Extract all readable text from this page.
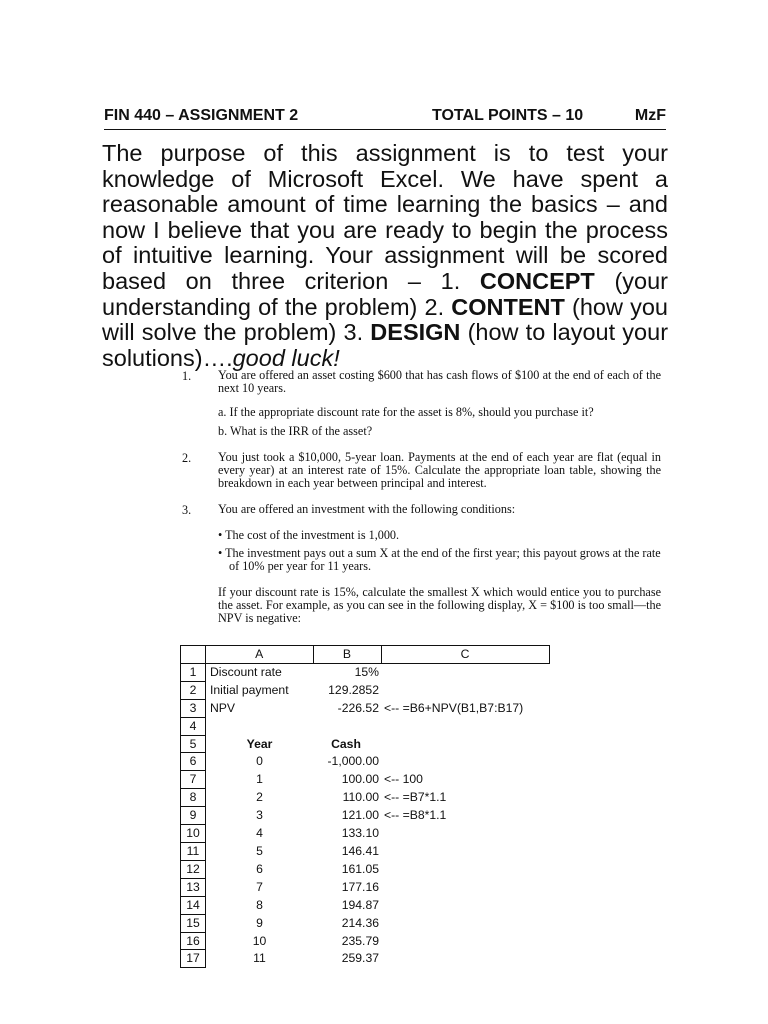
FIN 440 – ASSIGNMENT 2	TOTAL POINTS – 10	MzF
The purpose of this assignment is to test your knowledge of Microsoft Excel. We have spent a reasonable amount of time learning the basics – and now I believe that you are ready to begin the process of intuitive learning. Your assignment will be scored based on three criterion – 1. CONCEPT (your understanding of the problem) 2. CONTENT (how you will solve the problem) 3. DESIGN (how to layout your solutions)….good luck!
1. You are offered an asset costing $600 that has cash flows of $100 at the end of each of the next 10 years.
a. If the appropriate discount rate for the asset is 8%, should you purchase it?
b. What is the IRR of the asset?
2. You just took a $10,000, 5-year loan. Payments at the end of each year are flat (equal in every year) at an interest rate of 15%. Calculate the appropriate loan table, showing the breakdown in each year between principal and interest.
3. You are offered an investment with the following conditions:
• The cost of the investment is 1,000.
• The investment pays out a sum X at the end of the first year; this payout grows at the rate of 10% per year for 11 years.
If your discount rate is 15%, calculate the smallest X which would entice you to purchase the asset. For example, as you can see in the following display, X = $100 is too small—the NPV is negative:
	A	B	C
1	Discount rate	15%	
2	Initial payment	129.2852	
3	NPV	-226.52	<-- =B6+NPV(B1,B7:B17)
4			
5	Year	Cash	
6	0	-1,000.00	
7	1	100.00	<-- 100
8	2	110.00	<-- =B7*1.1
9	3	121.00	<-- =B8*1.1
10	4	133.10	
11	5	146.41	
12	6	161.05	
13	7	177.16	
14	8	194.87	
15	9	214.36	
16	10	235.79	
17	11	259.37	
